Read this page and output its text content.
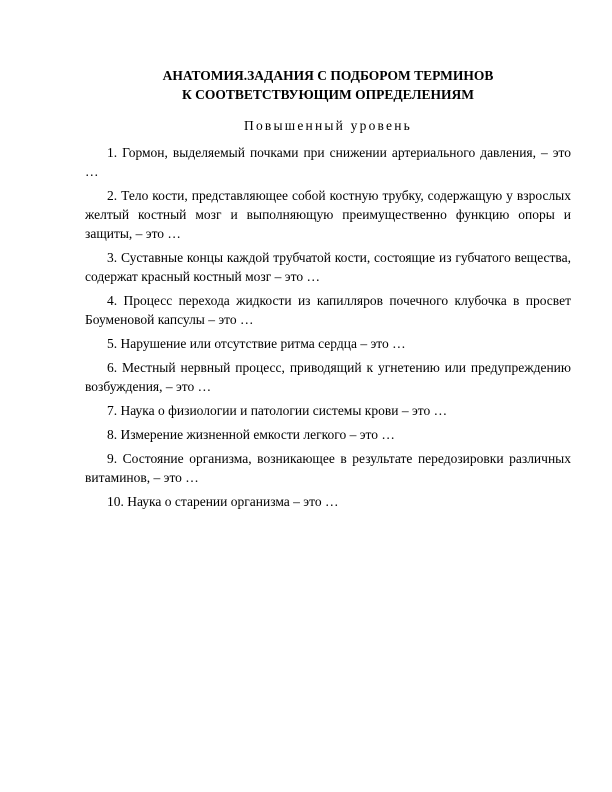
АНАТОМИЯ.ЗАДАНИЯ С ПОДБОРОМ ТЕРМИНОВ
К СООТВЕТСТВУЮЩИМ ОПРЕДЕЛЕНИЯМ

Повышенный уровень

1. Гормон, выделяемый почками при снижении артериального давления, – это …

2. Тело кости, представляющее собой костную трубку, содержащую у взрослых желтый костный мозг и выполняющую преимущественно функцию опоры и защиты, – это …

3. Суставные концы каждой трубчатой кости, состоящие из губчатого вещества, содержат красный костный мозг – это …

4. Процесс перехода жидкости из капилляров почечного клубочка в просвет Боуменовой капсулы – это …

5. Нарушение или отсутствие ритма сердца – это …

6. Местный нервный процесс, приводящий к угнетению или предупреждению возбуждения, – это …

7. Наука о физиологии и патологии системы крови – это …

8. Измерение жизненной емкости легкого – это …

9. Состояние организма, возникающее в результате передозировки различных витаминов, – это …

10. Наука о старении организма – это …
